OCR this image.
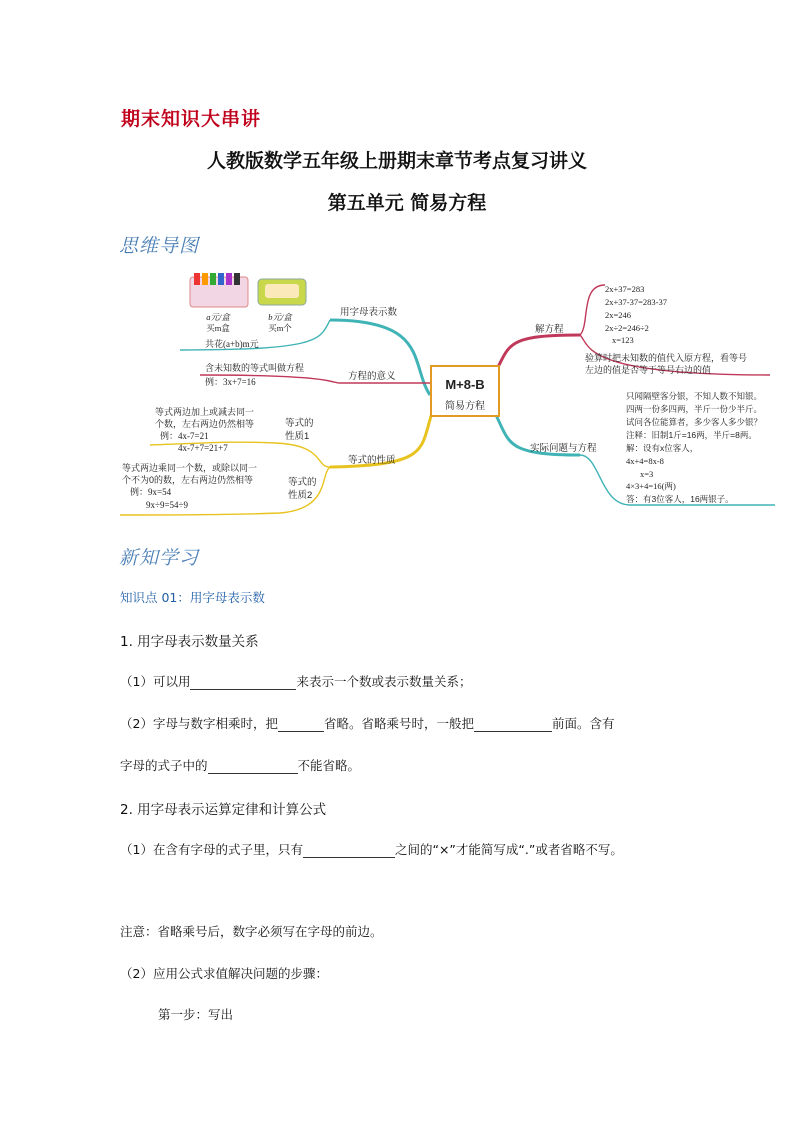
期末知识大串讲
人教版数学五年级上册期末章节考点复习讲义
第五单元 简易方程
思维导图
M+8-B
简易方程
用字母表示数
方程的意义
等式的性质
等式的
性质1
等式的
性质2
解方程
实际问题与方程
a元/盒
买m盒
b元/盒
买m个
共花(a+b)m元
含未知数的等式叫做方程
例：3x+7=16
等式两边加上或减去同一
个数，左右两边仍然相等
例：4x-7=21
4x-7+7=21+7
等式两边乘同一个数，或除以同一
个不为0的数，左右两边仍然相等
例：9x=54
9x÷9=54÷9
2x+37=283
2x+37-37=283-37
2x=246
2x÷2=246÷2
x=123
验算时把未知数的值代入原方程，看等号
左边的值是否等于等号右边的值
只闻隔壁客分银，不知人数不知银。
四两一份多四两，半斤一份少半斤。
试问各位能算者，多少客人多少银？
注释：旧制1斤=16两，半斤=8两。
解：设有x位客人，
4x+4=8x-8
x=3
4×3+4=16(两)
答：有3位客人，16两银子。
新知学习
知识点 01：用字母表示数
1. 用字母表示数量关系
（1）可以用	来表示一个数或表示数量关系；
（2）字母与数字相乘时，把	省略。省略乘号时，一般把	前面。含有
字母的式子中的	不能省略。
2. 用字母表示运算定律和计算公式
（1）在含有字母的式子里，只有	之间的“×”才能简写成“.”或者省略不写。
注意：省略乘号后，数字必须写在字母的前边。
（2）应用公式求值解决问题的步骤：
第一步：写出
